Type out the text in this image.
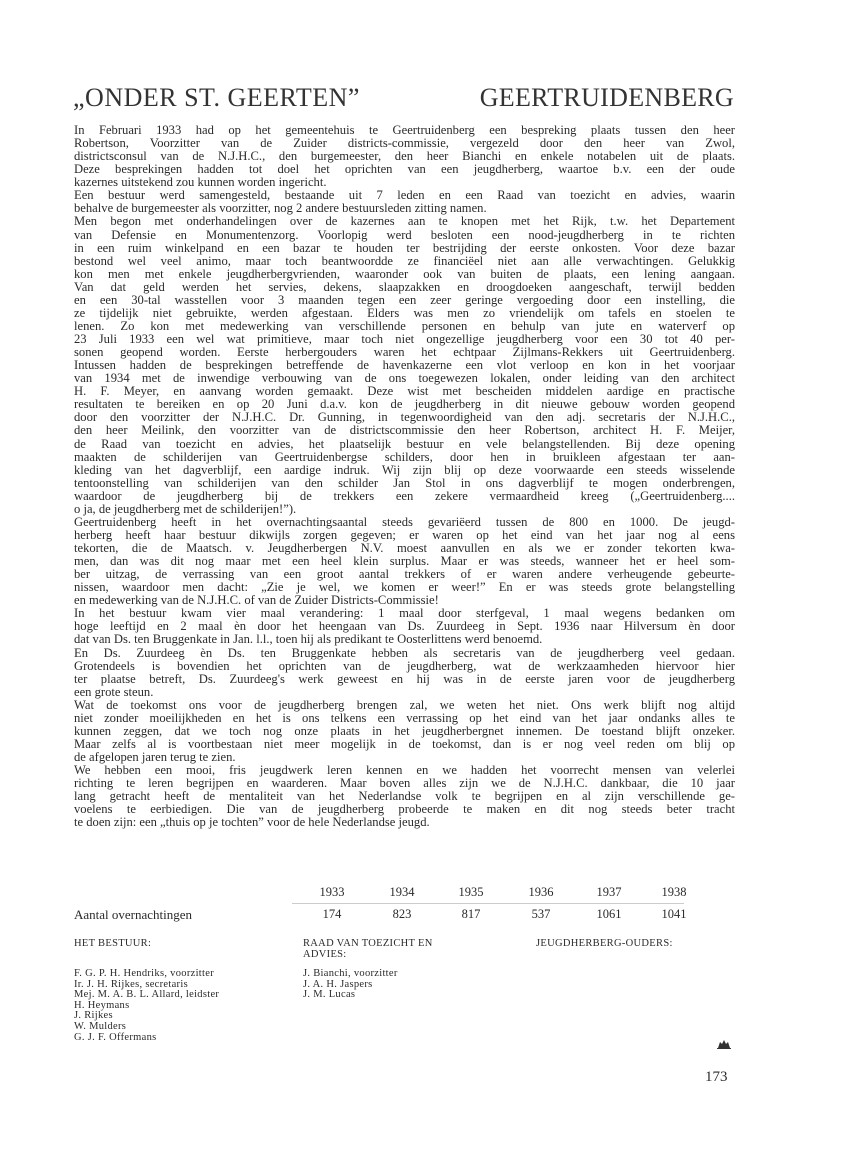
„ONDER ST. GEERTEN”	GEERTRUIDENBERG
In Februari 1933 had op het gemeentehuis te Geertruidenberg een bespreking plaats tussen den heer
Robertson, Voorzitter van de Zuider districts-commissie, vergezeld door den heer van Zwol,
districtsconsul van de N.J.H.C., den burgemeester, den heer Bianchi en enkele notabelen uit de plaats.
Deze besprekingen hadden tot doel het oprichten van een jeugdherberg, waartoe b.v. een der oude
kazernes uitstekend zou kunnen worden ingericht.
Een bestuur werd samengesteld, bestaande uit 7 leden en een Raad van toezicht en advies, waarin
behalve de burgemeester als voorzitter, nog 2 andere bestuursleden zitting namen.
Men begon met onderhandelingen over de kazernes aan te knopen met het Rijk, t.w. het Departement
van Defensie en Monumentenzorg. Voorlopig werd besloten een nood-jeugdherberg in te richten
in een ruim winkelpand en een bazar te houden ter bestrijding der eerste onkosten. Voor deze bazar
bestond wel veel animo, maar toch beantwoordde ze financiëel niet aan alle verwachtingen. Gelukkig
kon men met enkele jeugdherbergvrienden, waaronder ook van buiten de plaats, een lening aangaan.
Van dat geld werden het servies, dekens, slaapzakken en droogdoeken aangeschaft, terwijl bedden
en een 30-tal wasstellen voor 3 maanden tegen een zeer geringe vergoeding door een instelling, die
ze tijdelijk niet gebruikte, werden afgestaan. Elders was men zo vriendelijk om tafels en stoelen te
lenen. Zo kon met medewerking van verschillende personen en behulp van jute en waterverf op
23 Juli 1933 een wel wat primitieve, maar toch niet ongezellige jeugdherberg voor een 30 tot 40 per-
sonen geopend worden. Eerste herbergouders waren het echtpaar Zijlmans-Rekkers uit Geertruidenberg.
Intussen hadden de besprekingen betreffende de havenkazerne een vlot verloop en kon in het voorjaar
van 1934 met de inwendige verbouwing van de ons toegewezen lokalen, onder leiding van den architect
H. F. Meyer, en aanvang worden gemaakt. Deze wist met bescheiden middelen aardige en practische
resultaten te bereiken en op 20 Juni d.a.v. kon de jeugdherberg in dit nieuwe gebouw worden geopend
door den voorzitter der N.J.H.C. Dr. Gunning, in tegenwoordigheid van den adj. secretaris der N.J.H.C.,
den heer Meilink, den voorzitter van de districtscommissie den heer Robertson, architect H. F. Meijer,
de Raad van toezicht en advies, het plaatselijk bestuur en vele belangstellenden. Bij deze opening
maakten de schilderijen van Geertruidenbergse schilders, door hen in bruikleen afgestaan ter aan-
kleding van het dagverblijf, een aardige indruk. Wij zijn blij op deze voorwaarde een steeds wisselende
tentoonstelling van schilderijen van den schilder Jan Stol in ons dagverblijf te mogen onderbrengen,
waardoor de jeugdherberg bij de trekkers een zekere vermaardheid kreeg („Geertruidenberg....
o ja, de jeugdherberg met de schilderijen!”).
Geertruidenberg heeft in het overnachtingsaantal steeds gevariëerd tussen de 800 en 1000. De jeugd-
herberg heeft haar bestuur dikwijls zorgen gegeven; er waren op het eind van het jaar nog al eens
tekorten, die de Maatsch. v. Jeugdherbergen N.V. moest aanvullen en als we er zonder tekorten kwa-
men, dan was dit nog maar met een heel klein surplus. Maar er was steeds, wanneer het er heel som-
ber uitzag, de verrassing van een groot aantal trekkers of er waren andere verheugende gebeurte-
nissen, waardoor men dacht: „Zie je wel, we komen er weer!” En er was steeds grote belangstelling
en medewerking van de N.J.H.C. of van de Zuider Districts-Commissie!
In het bestuur kwam vier maal verandering: 1 maal door sterfgeval, 1 maal wegens bedanken om
hoge leeftijd en 2 maal èn door het heengaan van Ds. Zuurdeeg in Sept. 1936 naar Hilversum èn door
dat van Ds. ten Bruggenkate in Jan. l.l., toen hij als predikant te Oosterlittens werd benoemd.
En Ds. Zuurdeeg èn Ds. ten Bruggenkate hebben als secretaris van de jeugdherberg veel gedaan.
Grotendeels is bovendien het oprichten van de jeugdherberg, wat de werkzaamheden hiervoor hier
ter plaatse betreft, Ds. Zuurdeeg's werk geweest en hij was in de eerste jaren voor de jeugdherberg
een grote steun.
Wat de toekomst ons voor de jeugdherberg brengen zal, we weten het niet. Ons werk blijft nog altijd
niet zonder moeilijkheden en het is ons telkens een verrassing op het eind van het jaar ondanks alles te
kunnen zeggen, dat we toch nog onze plaats in het jeugdherbergnet innemen. De toestand blijft onzeker.
Maar zelfs al is voortbestaan niet meer mogelijk in de toekomst, dan is er nog veel reden om blij op
de afgelopen jaren terug te zien.
We hebben een mooi, fris jeugdwerk leren kennen en we hadden het voorrecht mensen van velerlei
richting te leren begrijpen en waarderen. Maar boven alles zijn we de N.J.H.C. dankbaar, die 10 jaar
lang getracht heeft de mentaliteit van het Nederlandse volk te begrijpen en al zijn verschillende ge-
voelens te eerbiedigen. Die van de jeugdherberg probeerde te maken en dit nog steeds beter tracht
te doen zijn: een „thuis op je tochten” voor de hele Nederlandse jeugd.
1933	1934	1935	1936	1937	1938
Aantal overnachtingen	174	823	817	537	1061	1041
HET BESTUUR:	RAAD VAN TOEZICHT EN
ADVIES:
JEUGDHERBERG-OUDERS:
F. G. P. H. Hendriks, voorzitter
Ir. J. H. Rijkes, secretaris
Mej. M. A. B. L. Allard, leidster
H. Heymans
J. Rijkes
W. Mulders
G. J. F. Offermans
J. Bianchi, voorzitter
J. A. H. Jaspers
J. M. Lucas
173
